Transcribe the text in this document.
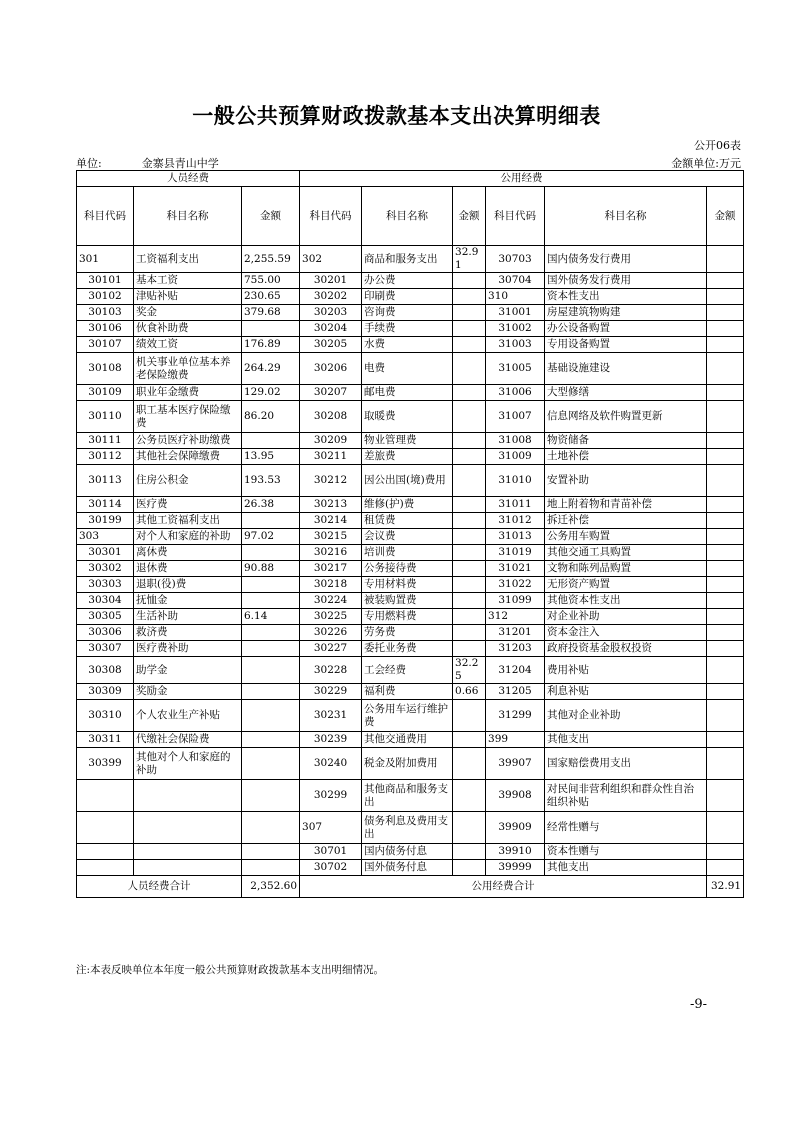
一般公共预算财政拨款基本支出决算明细表
公开06表
单位:	金寨县青山中学	金额单位:万元
人员经费			公用经费					
科目代码	科目名称	金额	科目代码	科目名称	金额	科目代码	科目名称	金额
301	工资福利支出	2,255.59	302	商品和服务支出	32.91	30703	国内债务发行费用	
30101	基本工资	755.00	30201	办公费		30704	国外债务发行费用	
30102	津贴补贴	230.65	30202	印刷费		310	资本性支出	
30103	奖金	379.68	30203	咨询费		31001	房屋建筑物购建	
30106	伙食补助费		30204	手续费		31002	办公设备购置	
30107	绩效工资	176.89	30205	水费		31003	专用设备购置	
30108	机关事业单位基本养老保险缴费	264.29	30206	电费		31005	基础设施建设	
30109	职业年金缴费	129.02	30207	邮电费		31006	大型修缮	
30110	职工基本医疗保险缴费	86.20	30208	取暖费		31007	信息网络及软件购置更新	
30111	公务员医疗补助缴费		30209	物业管理费		31008	物资储备	
30112	其他社会保障缴费	13.95	30211	差旅费		31009	土地补偿	
30113	住房公积金	193.53	30212	因公出国(境)费用		31010	安置补助	
30114	医疗费	26.38	30213	维修(护)费		31011	地上附着物和青苗补偿	
30199	其他工资福利支出		30214	租赁费		31012	拆迁补偿	
303	对个人和家庭的补助	97.02	30215	会议费		31013	公务用车购置	
30301	离休费		30216	培训费		31019	其他交通工具购置	
30302	退休费	90.88	30217	公务接待费		31021	文物和陈列品购置	
30303	退职(役)费		30218	专用材料费		31022	无形资产购置	
30304	抚恤金		30224	被装购置费		31099	其他资本性支出	
30305	生活补助	6.14	30225	专用燃料费		312	对企业补助	
30306	救济费		30226	劳务费		31201	资本金注入	
30307	医疗费补助		30227	委托业务费		31203	政府投资基金股权投资	
30308	助学金		30228	工会经费	32.25	31204	费用补贴	
30309	奖励金		30229	福利费	0.66	31205	利息补贴	
30310	个人农业生产补贴		30231	公务用车运行维护费		31299	其他对企业补助	
30311	代缴社会保险费		30239	其他交通费用		399	其他支出	
30399	其他对个人和家庭的补助		30240	税金及附加费用		39907	国家赔偿费用支出	
			30299	其他商品和服务支出		39908	对民间非营利组织和群众性自治组织补贴	
			307	债务利息及费用支出		39909	经常性赠与	
			30701	国内债务付息		39910	资本性赠与	
			30702	国外债务付息		39999	其他支出	
人员经费合计		2,352.60	公用经费合计					32.91
注:本表反映单位本年度一般公共预算财政拨款基本支出明细情况。
-9-
